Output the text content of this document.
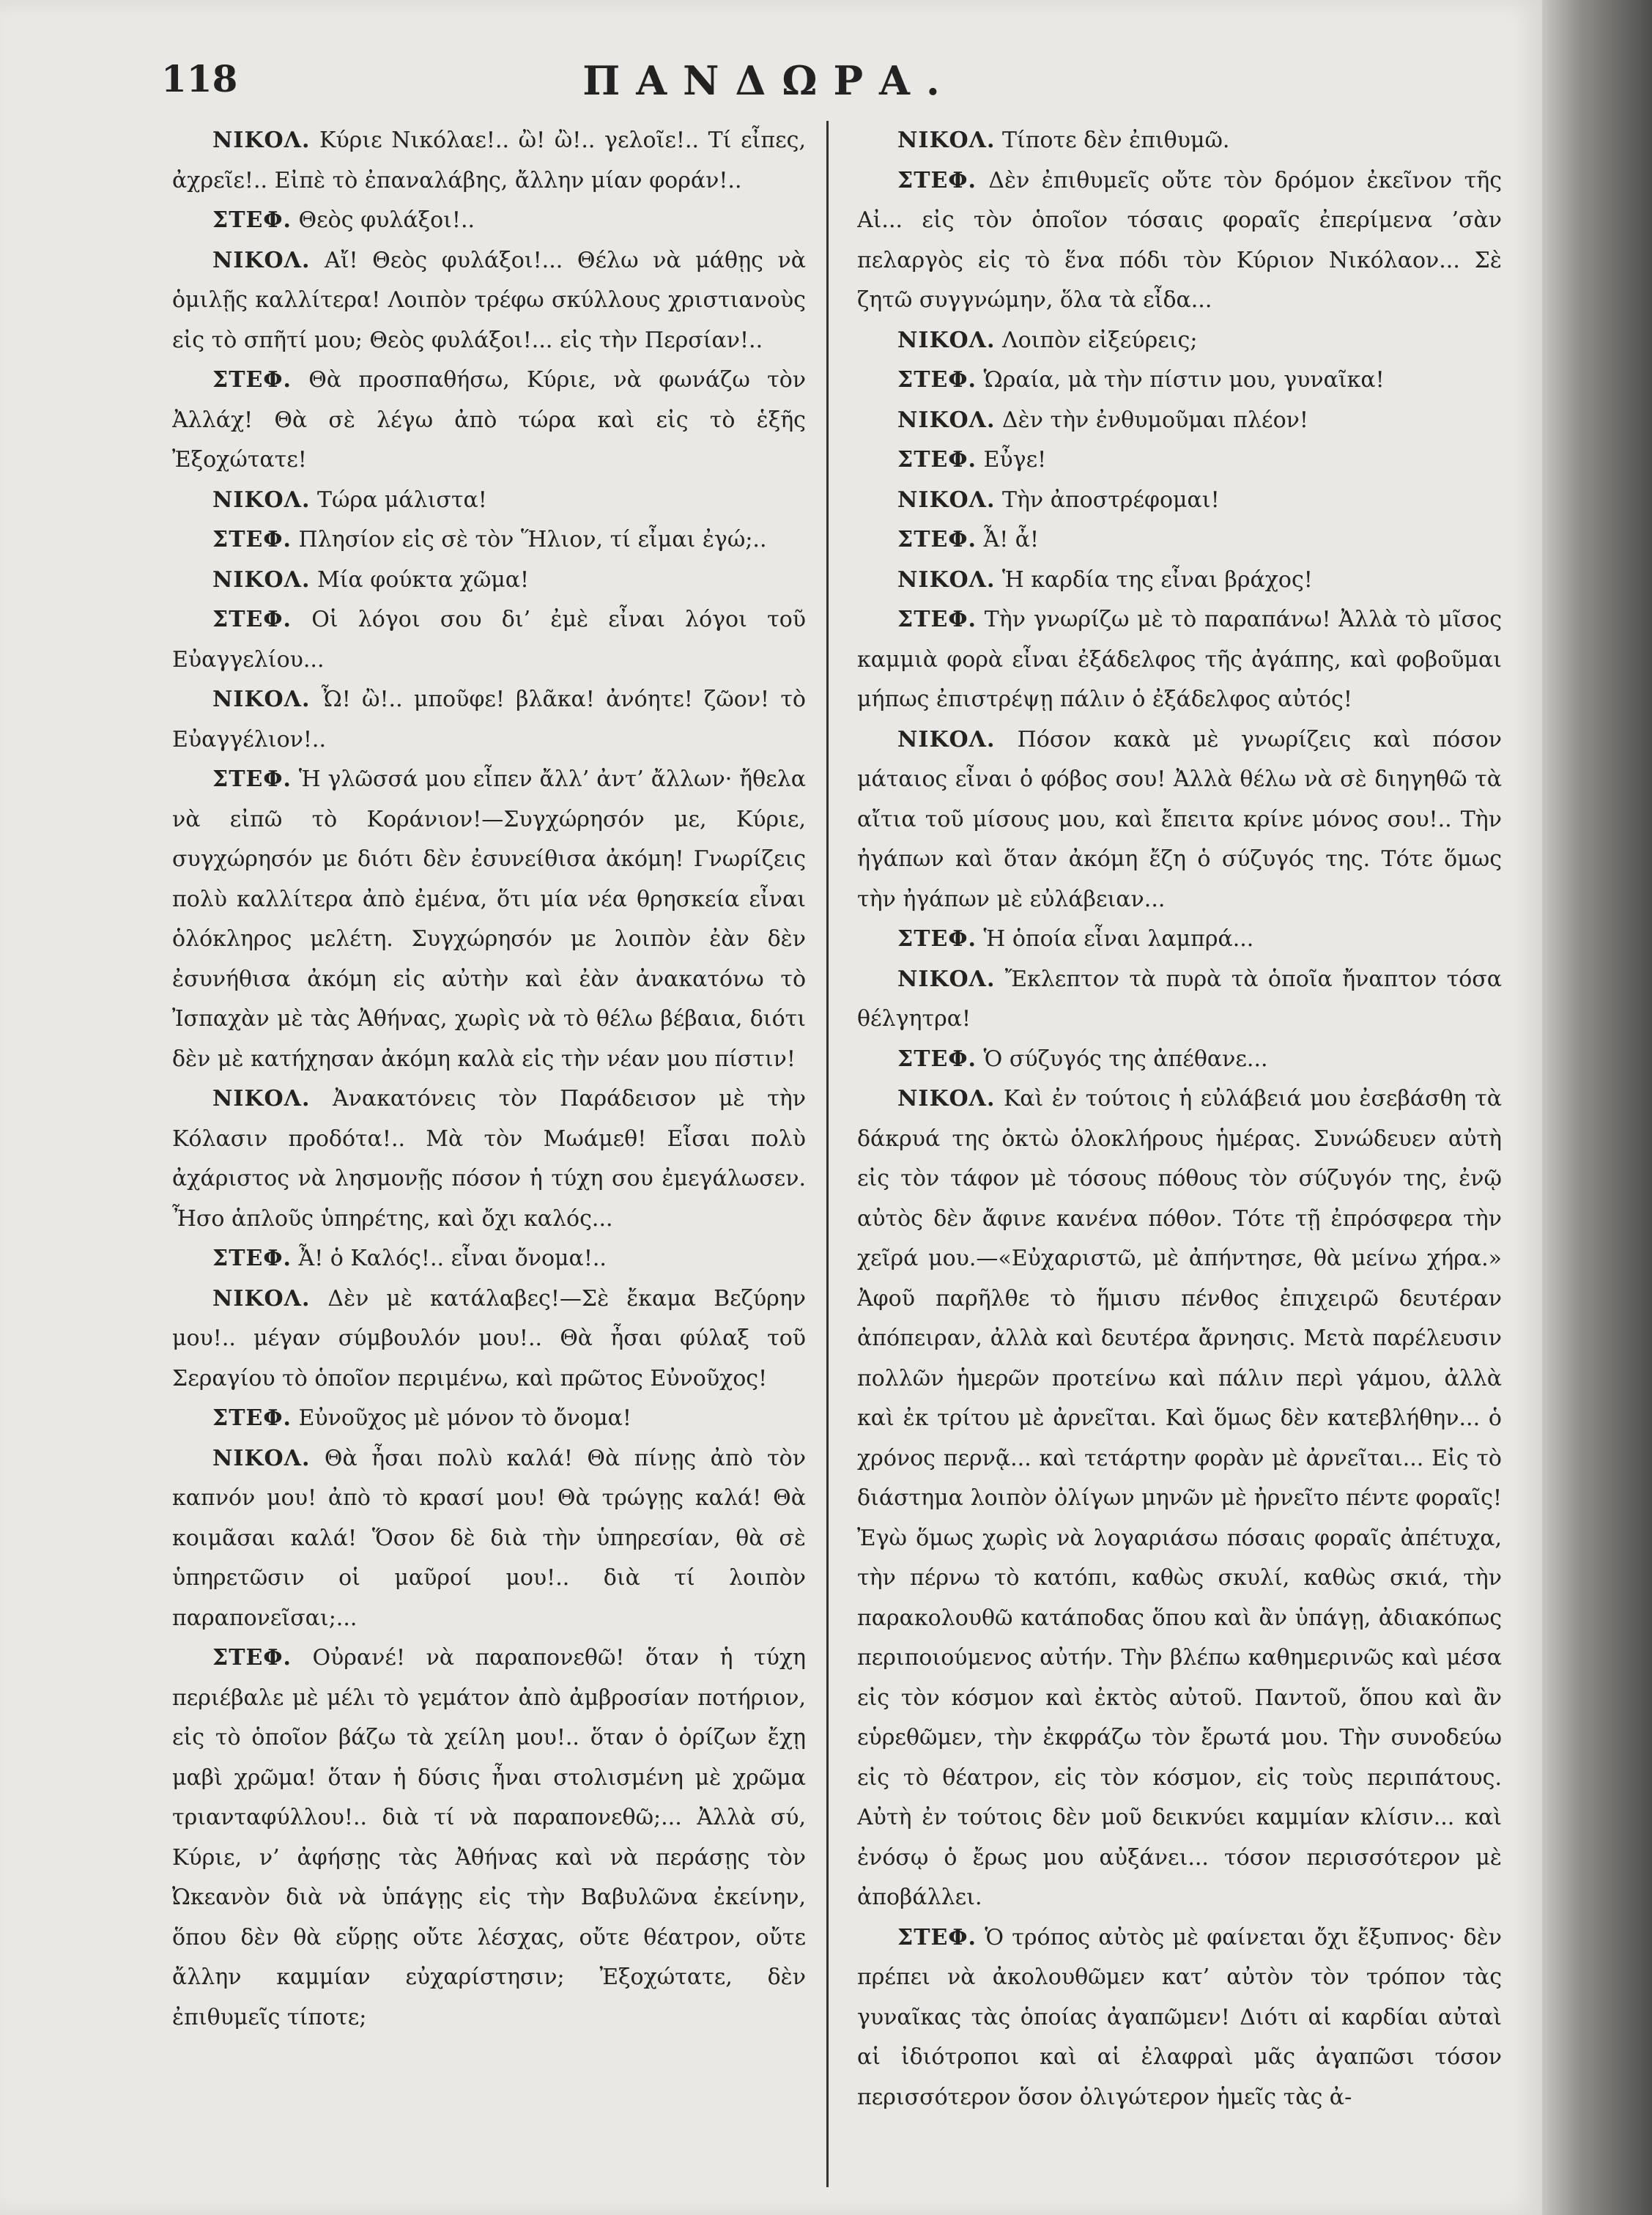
118	ΠΑΝΔΩΡΑ.

ΝΙΚΟΛ. Κύριε Νικόλαε!.. ὢ! ὢ!.. γελοῖε!.. Τί εἶπες, ἀχρεῖε!.. Εἰπὲ τὸ ἐπαναλάβης, ἄλλην μίαν φοράν!..

ΣΤΕΦ. Θεὸς φυλάξοι!..

ΝΙΚΟΛ. Αἴ! Θεὸς φυλάξοι!... Θέλω νὰ μάθῃς νὰ ὁμιλῇς καλλίτερα! Λοιπὸν τρέφω σκύλλους χριστιανοὺς εἰς τὸ σπῆτί μου; Θεὸς φυλάξοι!... εἰς τὴν Περσίαν!..

ΣΤΕΦ. Θὰ προσπαθήσω, Κύριε, νὰ φωνάζω τὸν Ἀλλάχ! Θὰ σὲ λέγω ἀπὸ τώρα καὶ εἰς τὸ ἑξῆς Ἐξοχώτατε!

ΝΙΚΟΛ. Τώρα μάλιστα!

ΣΤΕΦ. Πλησίον εἰς σὲ τὸν Ἥλιον, τί εἶμαι ἐγώ;..

ΝΙΚΟΛ. Μία φούκτα χῶμα!

ΣΤΕΦ. Οἱ λόγοι σου δι’ ἐμὲ εἶναι λόγοι τοῦ Εὐαγγελίου...

ΝΙΚΟΛ. Ὦ! ὢ!.. μποῦφε! βλᾶκα! ἀνόητε! ζῶον! τὸ Εὐαγγέλιον!..

ΣΤΕΦ. Ἡ γλῶσσά μου εἶπεν ἄλλ’ ἀντ’ ἄλλων· ἤθελα νὰ εἰπῶ τὸ Κοράνιον!—Συγχώρησόν με, Κύριε, συγχώρησόν με διότι δὲν ἐσυνείθισα ἀκόμη! Γνωρίζεις πολὺ καλλίτερα ἀπὸ ἐμένα, ὅτι μία νέα θρησκεία εἶναι ὁλόκληρος μελέτη. Συγχώρησόν με λοιπὸν ἐὰν δὲν ἐσυνήθισα ἀκόμη εἰς αὐτὴν καὶ ἐὰν ἀνακατόνω τὸ Ἰσπαχὰν μὲ τὰς Ἀθήνας, χωρὶς νὰ τὸ θέλω βέβαια, διότι δὲν μὲ κατήχησαν ἀκόμη καλὰ εἰς τὴν νέαν μου πίστιν!

ΝΙΚΟΛ. Ἀνακατόνεις τὸν Παράδεισον μὲ τὴν Κόλασιν προδότα!.. Μὰ τὸν Μωάμεθ! Εἶσαι πολὺ ἀχάριστος νὰ λησμονῇς πόσον ἡ τύχη σου ἐμεγάλωσεν. Ἦσο ἁπλοῦς ὑπηρέτης, καὶ ὄχι καλός...

ΣΤΕΦ. Ἆ! ὁ Καλός!.. εἶναι ὄνομα!..

ΝΙΚΟΛ. Δὲν μὲ κατάλαβες!—Σὲ ἔκαμα Βεζύρην μου!.. μέγαν σύμβουλόν μου!.. Θὰ ἦσαι φύλαξ τοῦ Σεραγίου τὸ ὁποῖον περιμένω, καὶ πρῶτος Εὐνοῦχος!

ΣΤΕΦ. Εὐνοῦχος μὲ μόνον τὸ ὄνομα!

ΝΙΚΟΛ. Θὰ ἦσαι πολὺ καλά! Θὰ πίνῃς ἀπὸ τὸν καπνόν μου! ἀπὸ τὸ κρασί μου! Θὰ τρώγῃς καλά! Θὰ κοιμᾶσαι καλά! Ὅσον δὲ διὰ τὴν ὑπηρεσίαν, θὰ σὲ ὑπηρετῶσιν οἱ μαῦροί μου!.. διὰ τί λοιπὸν παραπονεῖσαι;...

ΣΤΕΦ. Οὐρανέ! νὰ παραπονεθῶ! ὅταν ἡ τύχη περιέβαλε μὲ μέλι τὸ γεμάτον ἀπὸ ἀμβροσίαν ποτήριον, εἰς τὸ ὁποῖον βάζω τὰ χείλη μου!.. ὅταν ὁ ὁρίζων ἔχῃ μαβὶ χρῶμα! ὅταν ἡ δύσις ἦναι στολισμένη μὲ χρῶμα τριανταφύλλου!.. διὰ τί νὰ παραπονεθῶ;... Ἀλλὰ σύ, Κύριε, ν’ ἀφήσῃς τὰς Ἀθήνας καὶ νὰ περάσῃς τὸν Ὠκεανὸν διὰ νὰ ὑπάγῃς εἰς τὴν Βαβυλῶνα ἐκείνην, ὅπου δὲν θὰ εὕρῃς οὔτε λέσχας, οὔτε θέατρον, οὔτε ἄλλην καμμίαν εὐχαρίστησιν; Ἐξοχώτατε, δὲν ἐπιθυμεῖς τίποτε;

ΝΙΚΟΛ. Τίποτε δὲν ἐπιθυμῶ.

ΣΤΕΦ. Δὲν ἐπιθυμεῖς οὔτε τὸν δρόμον ἐκεῖνον τῆς Αἰ... εἰς τὸν ὁποῖον τόσαις φοραῖς ἐπερίμενα ’σὰν πελαργὸς εἰς τὸ ἕνα πόδι τὸν Κύριον Νικόλαον... Σὲ ζητῶ συγγνώμην, ὅλα τὰ εἶδα...

ΝΙΚΟΛ. Λοιπὸν εἰξεύρεις;

ΣΤΕΦ. Ὡραία, μὰ τὴν πίστιν μου, γυναῖκα!

ΝΙΚΟΛ. Δὲν τὴν ἐνθυμοῦμαι πλέον!

ΣΤΕΦ. Εὖγε!

ΝΙΚΟΛ. Τὴν ἀποστρέφομαι!

ΣΤΕΦ. Ἆ! ἆ!

ΝΙΚΟΛ. Ἡ καρδία της εἶναι βράχος!

ΣΤΕΦ. Τὴν γνωρίζω μὲ τὸ παραπάνω! Ἀλλὰ τὸ μῖσος καμμιὰ φορὰ εἶναι ἐξάδελφος τῆς ἀγάπης, καὶ φοβοῦμαι μήπως ἐπιστρέψῃ πάλιν ὁ ἐξάδελφος αὐτός!

ΝΙΚΟΛ. Πόσον κακὰ μὲ γνωρίζεις καὶ πόσον μάταιος εἶναι ὁ φόβος σου! Ἀλλὰ θέλω νὰ σὲ διηγηθῶ τὰ αἴτια τοῦ μίσους μου, καὶ ἔπειτα κρίνε μόνος σου!.. Τὴν ἠγάπων καὶ ὅταν ἀκόμη ἔζη ὁ σύζυγός της. Τότε ὅμως τὴν ἠγάπων μὲ εὐλάβειαν...

ΣΤΕΦ. Ἡ ὁποία εἶναι λαμπρά...

ΝΙΚΟΛ. Ἔκλεπτον τὰ πυρὰ τὰ ὁποῖα ἤναπτον τόσα θέλγητρα!

ΣΤΕΦ. Ὁ σύζυγός της ἀπέθανε...

ΝΙΚΟΛ. Καὶ ἐν τούτοις ἡ εὐλάβειά μου ἐσεβάσθη τὰ δάκρυά της ὀκτὼ ὁλοκλήρους ἡμέρας. Συνώδευεν αὐτὴ εἰς τὸν τάφον μὲ τόσους πόθους τὸν σύζυγόν της, ἐνῷ αὐτὸς δὲν ἄφινε κανένα πόθον. Τότε τῇ ἐπρόσφερα τὴν χεῖρά μου.—«Εὐχαριστῶ, μὲ ἀπήντησε, θὰ μείνω χήρα.» Ἀφοῦ παρῆλθε τὸ ἥμισυ πένθος ἐπιχειρῶ δευτέραν ἀπόπειραν, ἀλλὰ καὶ δευτέρα ἄρνησις. Μετὰ παρέλευσιν πολλῶν ἡμερῶν προτείνω καὶ πάλιν περὶ γάμου, ἀλλὰ καὶ ἐκ τρίτου μὲ ἀρνεῖται. Καὶ ὅμως δὲν κατεβλήθην... ὁ χρόνος περνᾷ... καὶ τετάρτην φορὰν μὲ ἀρνεῖται... Εἰς τὸ διάστημα λοιπὸν ὀλίγων μηνῶν μὲ ἠρνεῖτο πέντε φοραῖς! Ἐγὼ ὅμως χωρὶς νὰ λογαριάσω πόσαις φοραῖς ἀπέτυχα, τὴν πέρνω τὸ κατόπι, καθὼς σκυλί, καθὼς σκιά, τὴν παρακολουθῶ κατάποδας ὅπου καὶ ἂν ὑπάγῃ, ἀδιακόπως περιποιούμενος αὐτήν. Τὴν βλέπω καθημερινῶς καὶ μέσα εἰς τὸν κόσμον καὶ ἐκτὸς αὐτοῦ. Παντοῦ, ὅπου καὶ ἂν εὑρεθῶμεν, τὴν ἐκφράζω τὸν ἔρωτά μου. Τὴν συνοδεύω εἰς τὸ θέατρον, εἰς τὸν κόσμον, εἰς τοὺς περιπάτους. Αὐτὴ ἐν τούτοις δὲν μοῦ δεικνύει καμμίαν κλίσιν... καὶ ἐνόσῳ ὁ ἔρως μου αὐξάνει... τόσον περισσότερον μὲ ἀποβάλλει.

ΣΤΕΦ. Ὁ τρόπος αὐτὸς μὲ φαίνεται ὄχι ἔξυπνος· δὲν πρέπει νὰ ἀκολουθῶμεν κατ’ αὐτὸν τὸν τρόπον τὰς γυναῖκας τὰς ὁποίας ἀγαπῶμεν! Διότι αἱ καρδίαι αὐταὶ αἱ ἰδιότροποι καὶ αἱ ἐλαφραὶ μᾶς ἀγαπῶσι τόσον περισσότερον ὅσον ὀλιγώτερον ἡμεῖς τὰς ἀ-
